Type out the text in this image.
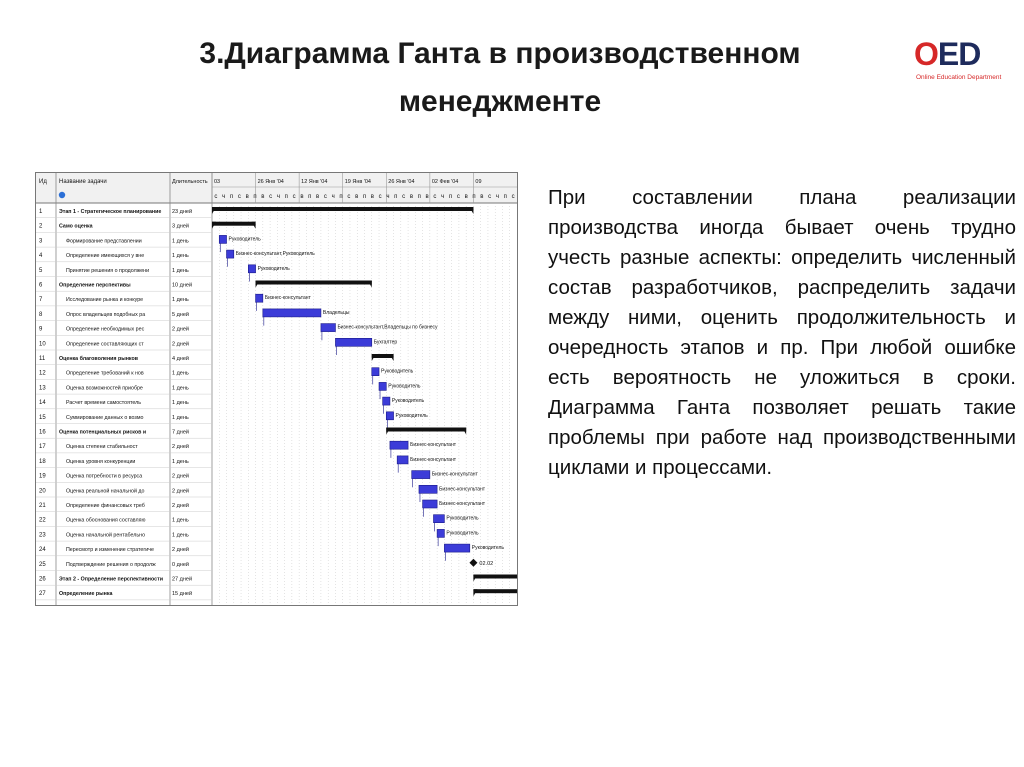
3.Диаграмма Ганта в производственном менеджменте
OED
Online Education Department
Ид Название задачи	Длительность 03	26 Янв '04	12 Янв '04	19 Янв '04	26 Янв '04	02 Фев '04	09
с ч п с в п в с ч п с в п в с ч п с в п в с ч п с в п в с ч п с в п в с ч п с
1	Этап 1 - Стратегическое планирование 23 дней
2	Само оценка	3 дней
3	Формирование представлении	1 день
4	Определение имеющихся у вне	1 день
5	Принятие решения о продолжени	1 день
6	Определение перспективы	10 дней
7	Исследование рынка и конкуре	1 день
8	Опрос владельцев подобных ра	5 дней
9	Определение необходимых рес	2 дней
10	Определение составляющих ст	2 дней
11	Оценка благоволения рынков	4 дней
12	Определение требований к нов	1 день
13	Оценка возможностей приобре	1 день
14	Расчет времени самостоятель	1 день
15	Суммирование данных о возмо	1 день
16	Оценка потенциальных рисков и	7 дней
17	Оценка степени стабильност	2 дней
18	Оценка уровня конкуренции	1 день
19	Оценка потребности в ресурса	2 дней
20	Оценка реальной начальной до	2 дней
21	Определение финансовых треб	2 дней
22	Оценка обоснования составляю	1 день
23	Оценка начальной рентабельно	1 день
24	Пересмотр и изменение стратегиче	2 дней
25	Подтверждение решения о продолж	0 дней
26	Этап 2 - Определение перспективности 27 дней
27	Определение рынка	15 дней
Руководитель
Бизнес-консультант,Руководитель
Руководитель
Бизнес-консультант
Владельцы
Бизнес-консультант,Владельцы по бизнесу
Бухгалтер
Руководитель
Руководитель
Руководитель
Руководитель
Бизнес-консультант
Бизнес-консультант
Бизнес-консультант
Бизнес-консультант
Бизнес-консультант
Руководитель
Руководитель
Руководитель
02.02
При составлении плана реализации производства иногда бывает очень трудно учесть разные аспекты: определить численный состав разработчиков, распределить задачи между ними, оценить продолжительность и очередность этапов и пр. При любой ошибке есть вероятность не уложиться в сроки. Диаграмма Ганта позволяет решать такие проблемы при работе над производственными циклами и процессами.
